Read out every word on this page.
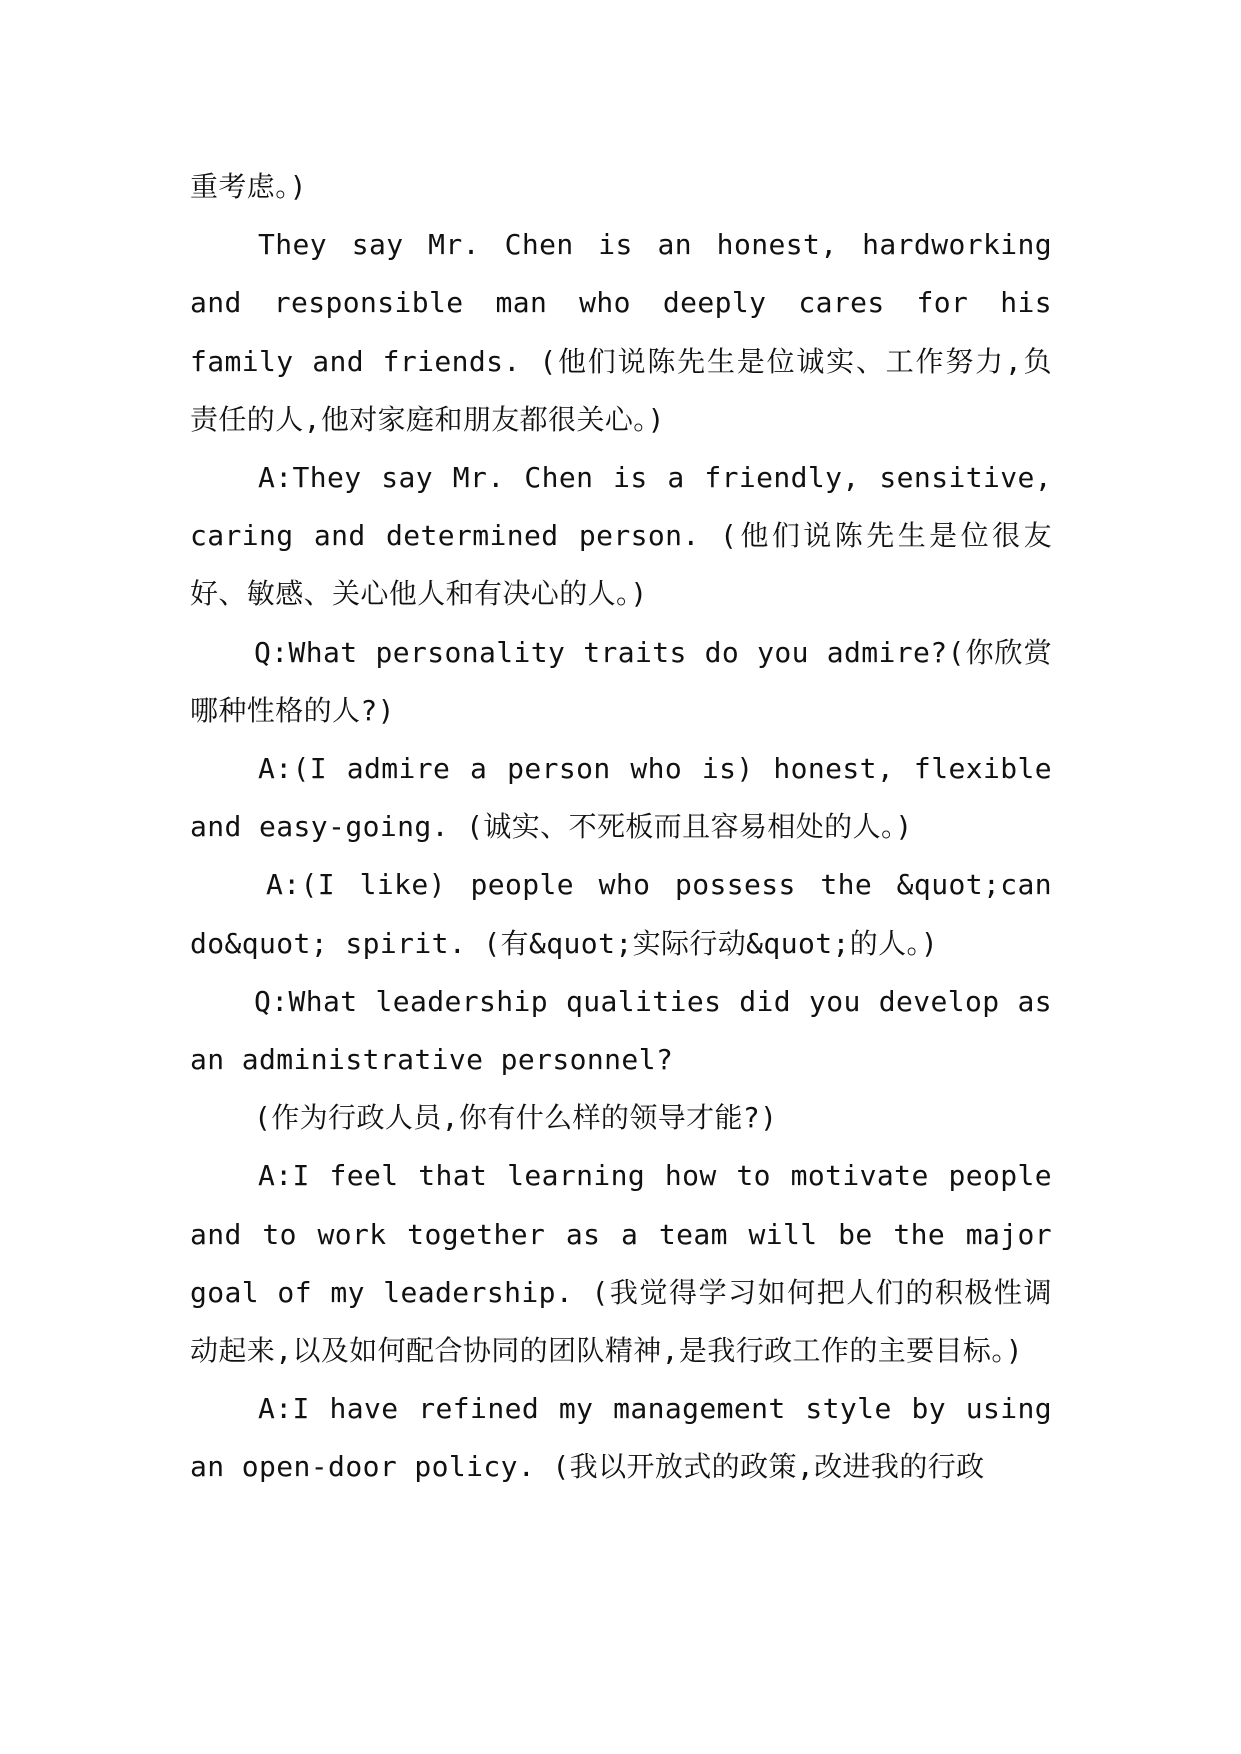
重考虑。)

They say Mr. Chen is an honest, hardworking and responsible man who deeply cares for his family and friends. (他们说陈先生是位诚实、工作努力,负责任的人,他对家庭和朋友都很关心。)

A:They say Mr. Chen is a friendly, sensitive, caring and determined person. (他们说陈先生是位很友好、敏感、关心他人和有决心的人。)

Q:What personality traits do you admire?(你欣赏哪种性格的人?)

A:(I admire a person who is) honest, flexible and easy-going. (诚实、不死板而且容易相处的人。)

A:(I like) people who possess the &quot;can do&quot; spirit. (有&quot;实际行动&quot;的人。)

Q:What leadership qualities did you develop as an administrative personnel?

(作为行政人员,你有什么样的领导才能?)

A:I feel that learning how to motivate people and to work together as a team will be the major goal of my leadership. (我觉得学习如何把人们的积极性调动起来,以及如何配合协同的团队精神,是我行政工作的主要目标。)

A:I have refined my management style by using an open-door policy. (我以开放式的政策,改进我的行政
